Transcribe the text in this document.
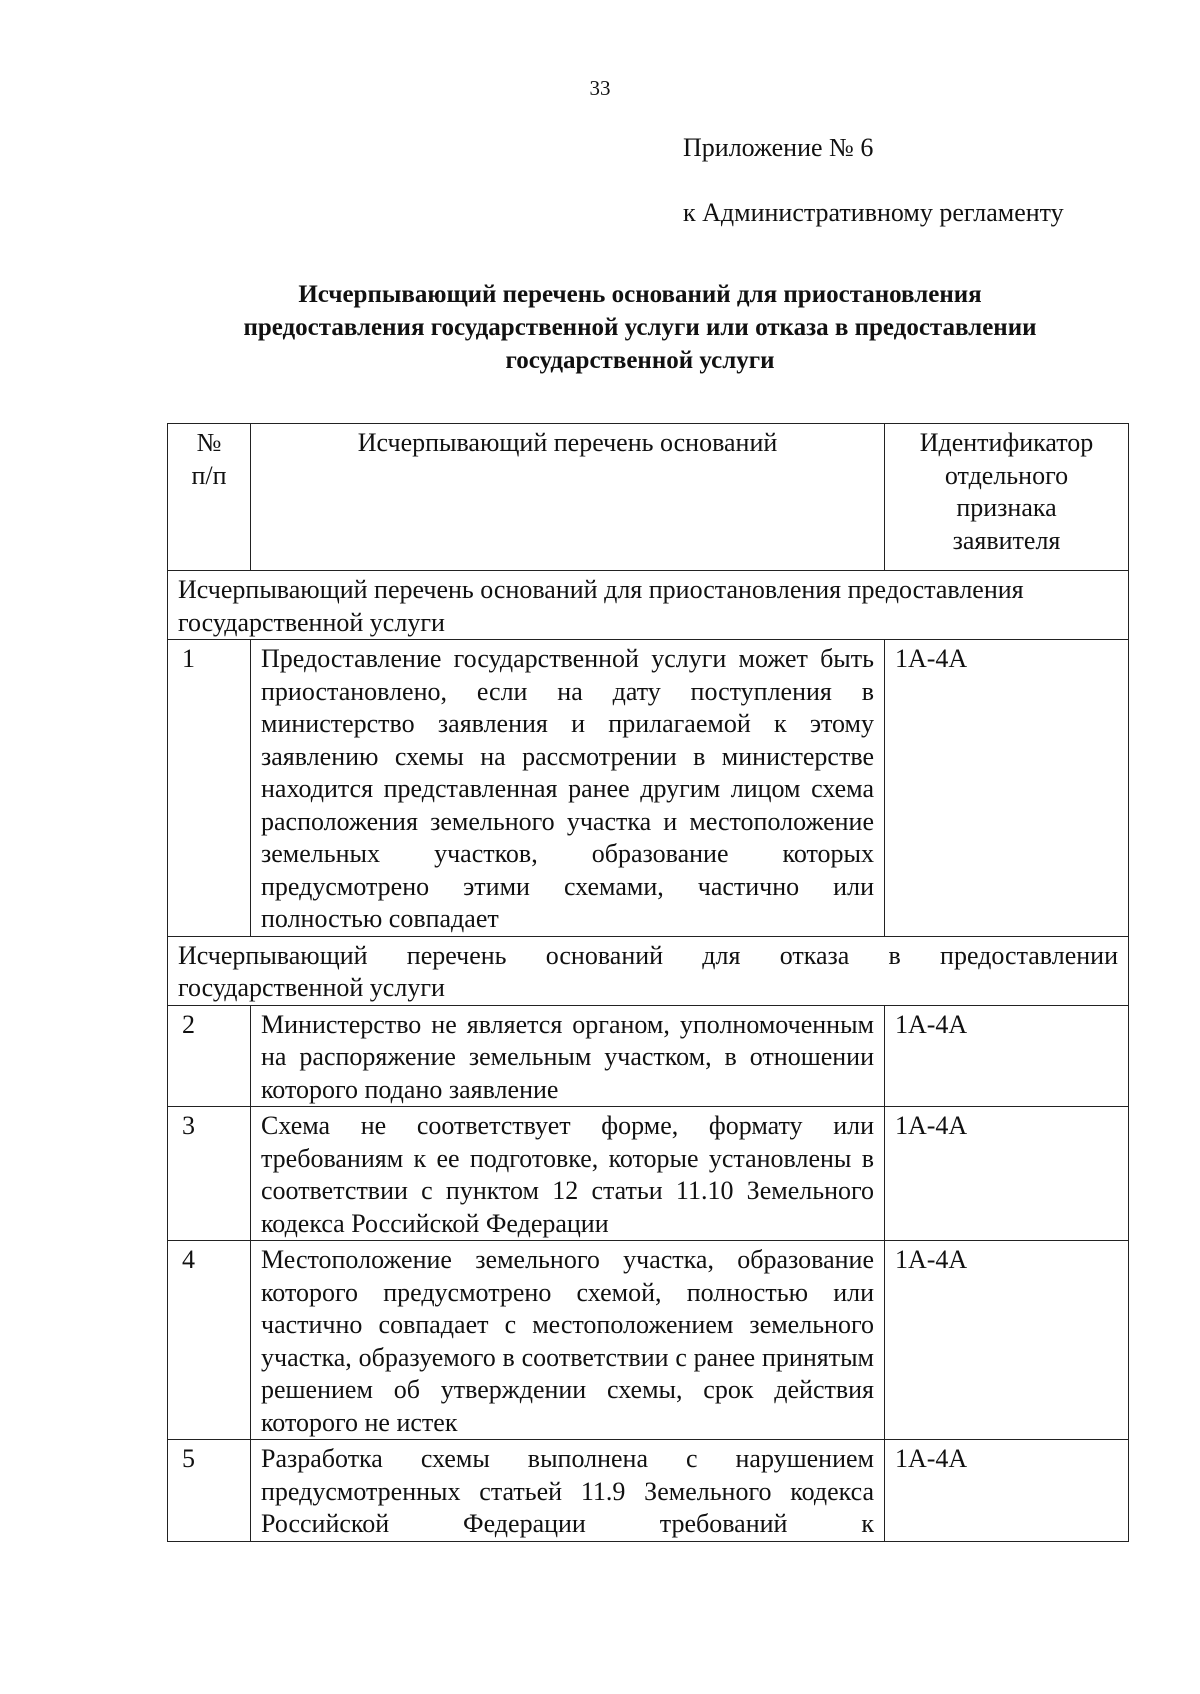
33
Приложение № 6
к Административному регламенту
Исчерпывающий перечень оснований для приостановления
предоставления государственной услуги или отказа в предоставлении
государственной услуги
№
п/п	Исчерпывающий перечень оснований	Идентификатор отдельного признака заявителя

Исчерпывающий перечень оснований для приостановления предоставления
государственной услуги		

1	Предоставление государственной услуги может быть приостановлено, если на дату поступления в министерство заявления и прилагаемой к этому заявлению схемы на рассмотрении в министерстве находится представленная ранее другим лицом схема расположения земельного участка и местоположение земельных участков, образование которых предусмотрено этими схемами, частично или полностью совпадает	1А-4А

Исчерпывающий перечень оснований для отказа в предоставлении
государственной услуги		

2	Министерство не является органом, уполномоченным на распоряжение земельным участком, в отношении которого подано заявление	1А-4А
3	Схема не соответствует форме, формату или требованиям к ее подготовке, которые установлены в соответствии с пунктом 12 статьи 11.10 Земельного кодекса Российской Федерации	1А-4А
4	Местоположение земельного участка, образование которого предусмотрено схемой, полностью или частично совпадает с местоположением земельного участка, образуемого в соответствии с ранее принятым решением об утверждении схемы, срок действия которого не истек	1А-4А
5	Разработка схемы выполнена с нарушением предусмотренных статьей 11.9 Земельного кодекса Российской Федерации требований к	1А-4А
